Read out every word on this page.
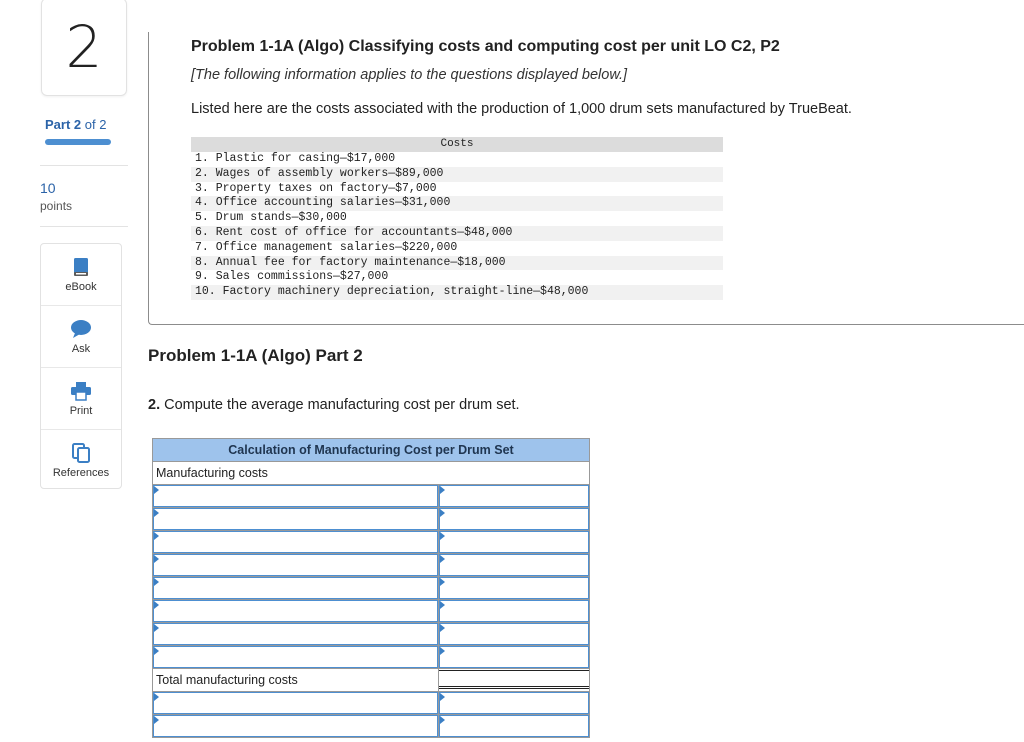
2
Part 2 of 2
10
points
eBook
Ask
Print
References
Problem 1-1A (Algo) Classifying costs and computing cost per unit LO C2, P2
[The following information applies to the questions displayed below.]
Listed here are the costs associated with the production of 1,000 drum sets manufactured by TrueBeat.
Costs
1. Plastic for casing—$17,000
2. Wages of assembly workers—$89,000
3. Property taxes on factory—$7,000
4. Office accounting salaries—$31,000
5. Drum stands—$30,000
6. Rent cost of office for accountants—$48,000
7. Office management salaries—$220,000
8. Annual fee for factory maintenance—$18,000
9. Sales commissions—$27,000
10. Factory machinery depreciation, straight-line—$48,000
Problem 1-1A (Algo) Part 2
2. Compute the average manufacturing cost per drum set.
Calculation of Manufacturing Cost per Drum Set
Manufacturing costs
Total manufacturing costs
